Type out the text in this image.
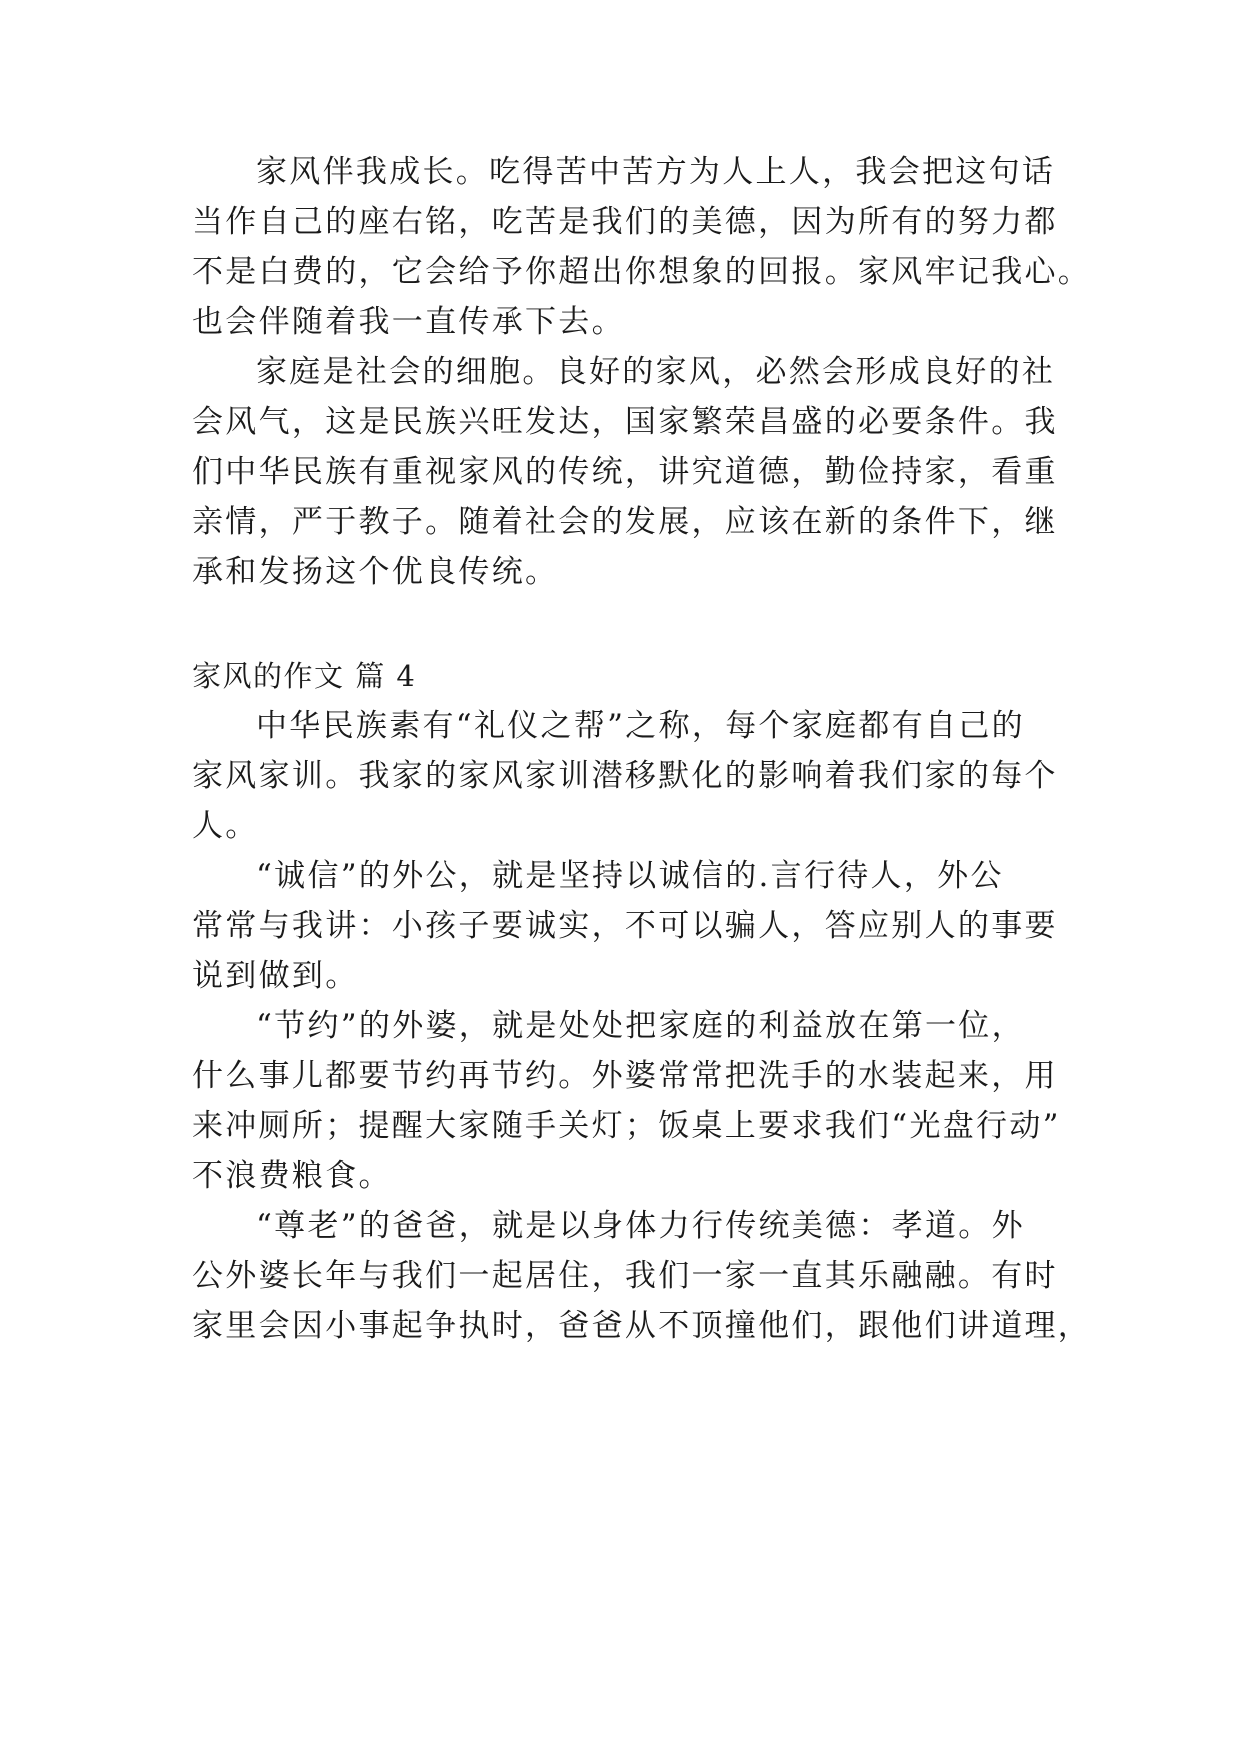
家风伴我成长。吃得苦中苦方为人上人，我会把这句话
当作自己的座右铭，吃苦是我们的美德，因为所有的努力都
不是白费的，它会给予你超出你想象的回报。家风牢记我心。
也会伴随着我一直传承下去。
家庭是社会的细胞。良好的家风，必然会形成良好的社
会风气，这是民族兴旺发达，国家繁荣昌盛的必要条件。我
们中华民族有重视家风的传统，讲究道德，勤俭持家，看重
亲情，严于教子。随着社会的发展，应该在新的条件下，继
承和发扬这个优良传统。
家风的作文 篇 4
中华民族素有“礼仪之帮”之称，每个家庭都有自己的
家风家训。我家的家风家训潜移默化的影响着我们家的每个
人。
“诚信”的外公，就是坚持以诚信的.言行待人，外公
常常与我讲：小孩子要诚实，不可以骗人，答应别人的事要
说到做到。
“节约”的外婆，就是处处把家庭的利益放在第一位，
什么事儿都要节约再节约。外婆常常把洗手的水装起来，用
来冲厕所；提醒大家随手关灯；饭桌上要求我们“光盘行动”
不浪费粮食。
“尊老”的爸爸，就是以身体力行传统美德：孝道。外
公外婆长年与我们一起居住，我们一家一直其乐融融。有时
家里会因小事起争执时，爸爸从不顶撞他们，跟他们讲道理，
